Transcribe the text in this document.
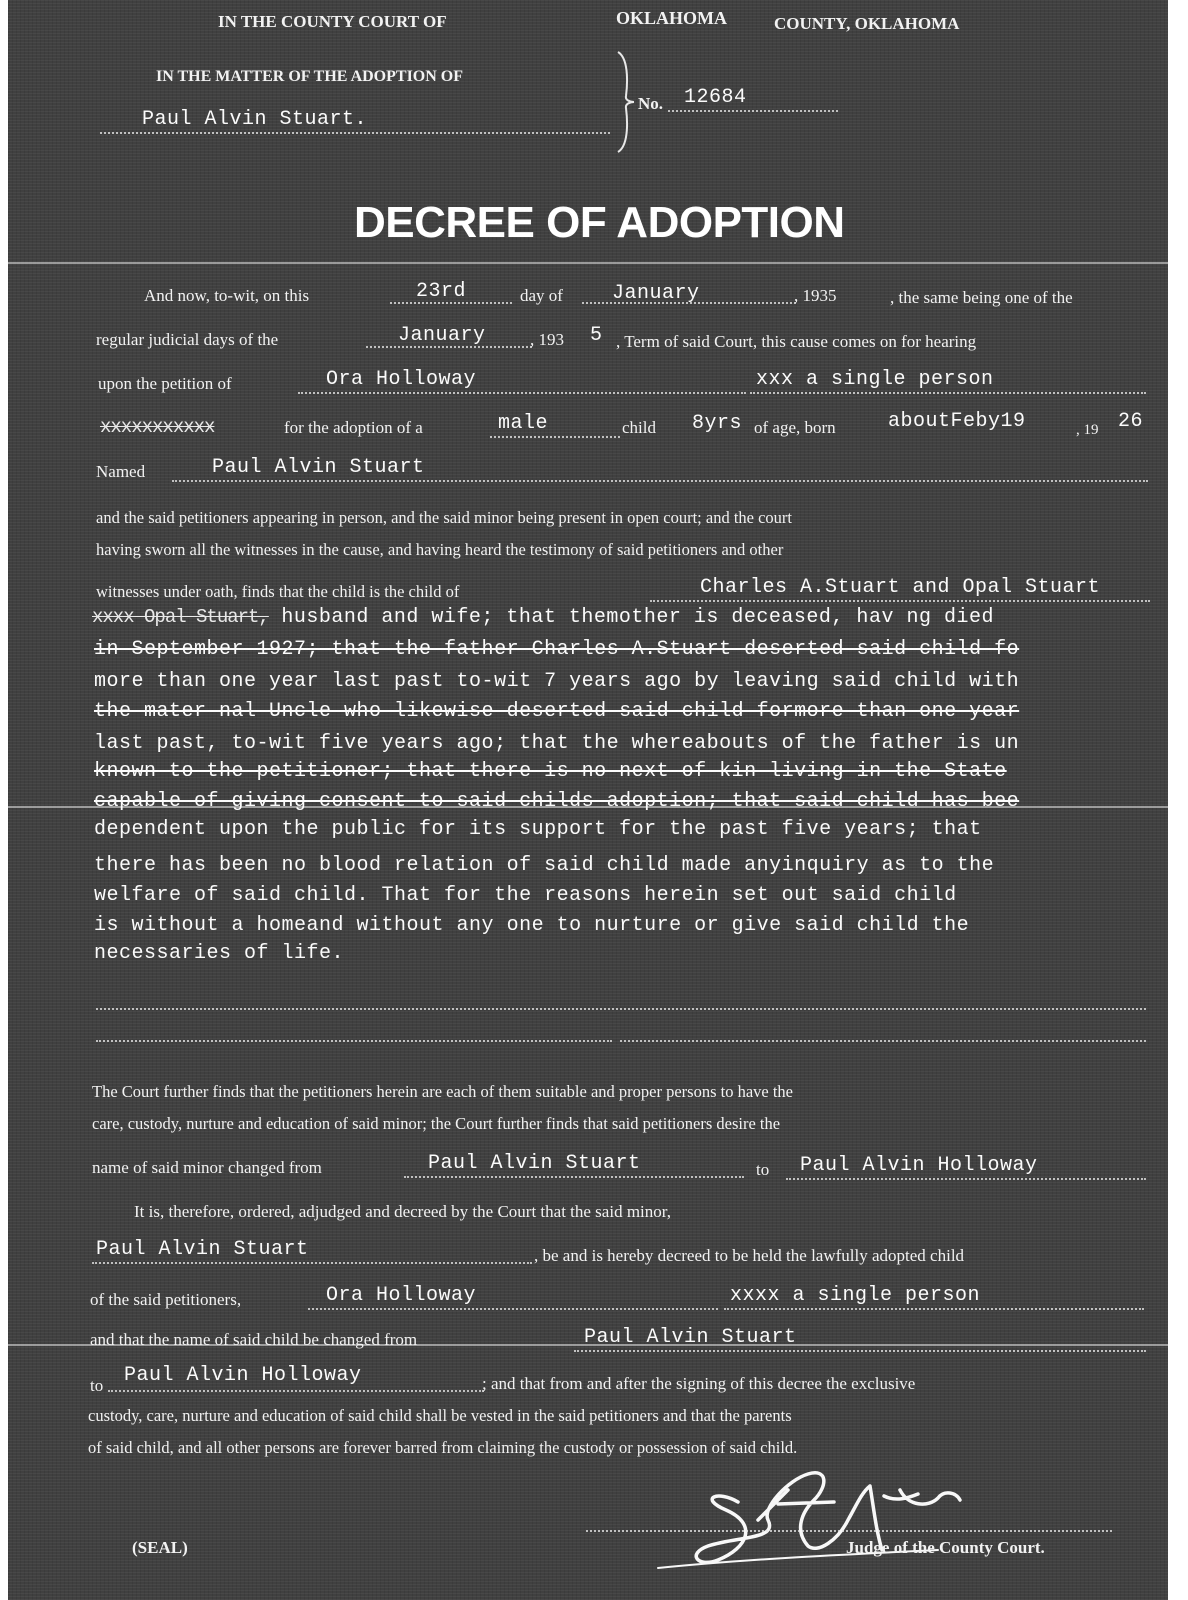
IN THE COUNTY COURT OF	OKLAHOMA	COUNTY, OKLAHOMA
IN THE MATTER OF THE ADOPTION OF
Paul Alvin Stuart.
No. 12684
DECREE OF ADOPTION
And now, to-wit, on this	23rd	day of January	, 1935	, the same being one of the
regular judicial days of the	January	, 193 5 , Term of said Court, this cause comes on for hearing
upon the petition of	Ora Holloway	xxx a single person
xxxxxxxxxxx	for the adoption of a	male	child 8yrs of age, born	aboutFeby19	, 19 26
Named	Paul Alvin Stuart
and the said petitioners appearing in person, and the said minor being present in open court; and the court
having sworn all the witnesses in the cause, and having heard the testimony of said petitioners and other
witnesses under oath, finds that the child is the child of	Charles A.Stuart and Opal Stuart
xxxx Opal Stuart, husband and wife; that themother is deceased, hav ng died
in September 1927; that the father Charles A.Stuart deserted said child fo
more than one year last past to-wit 7 years ago by leaving said child with
the mater nal Uncle who likewise deserted said child formore than one year
last past, to-wit five years ago; that the whereabouts of the father is un
known to the petitioner; that there is no next of kin living in the State
capable of giving consent to said childs adoption; that said child has bee
dependent upon the public for its support for the past five years; that
there has been no blood relation of said child made anyinquiry as to the
welfare of said child. That for the reasons herein set out said child
is without a homeand without any one to nurture or give said child the
necessaries of life.
The Court further finds that the petitioners herein are each of them suitable and proper persons to have the
care, custody, nurture and education of said minor; the Court further finds that said petitioners desire the
name of said minor changed from	Paul Alvin Stuart	to Paul Alvin Holloway
It is, therefore, ordered, adjudged and decreed by the Court that the said minor,
Paul Alvin Stuart	, be and is hereby decreed to be held the lawfully adopted child
of the said petitioners,	Ora Holloway	xxxx a single person
and that the name of said child be changed from	Paul Alvin Stuart
to Paul Alvin Holloway	; and that from and after the signing of this decree the exclusive
custody, care, nurture and education of said child shall be vested in the said petitioners and that the parents
of said child, and all other persons are forever barred from claiming the custody or possession of said child.
(SEAL)	Judge of the County Court.
